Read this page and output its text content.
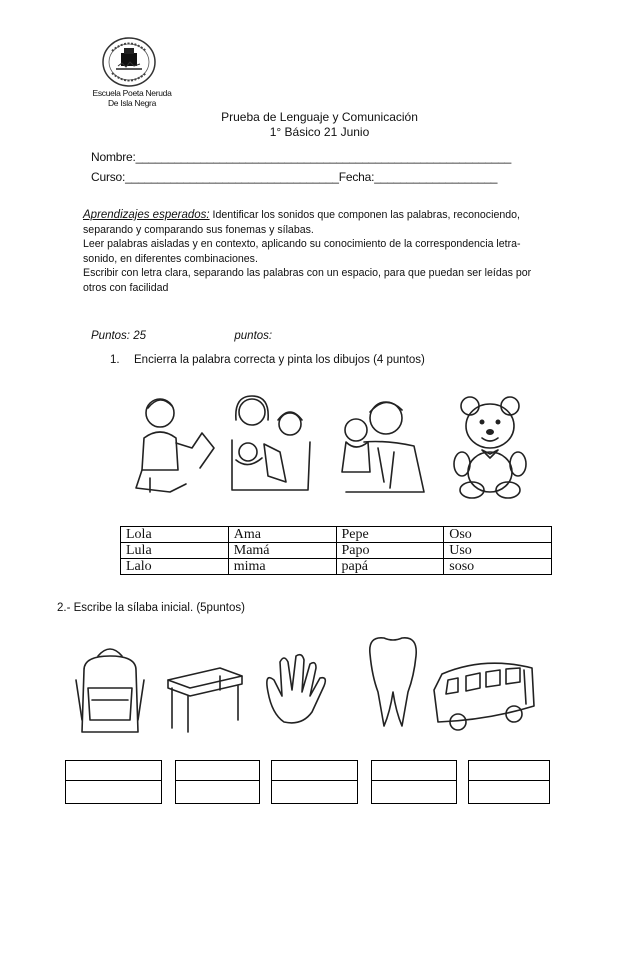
Escuela Poeta Neruda
De Isla Negra
Prueba de Lenguaje y Comunicación
1° Básico 21 Junio
Nombre:__________________________________________________________
Curso:_________________________________Fecha:___________________
Aprendizajes esperados: Identificar los sonidos que componen las palabras, reconociendo, separando y comparando sus fonemas y sílabas.
Leer palabras aisladas y en contexto, aplicando su conocimiento de la correspondencia letra-sonido, en diferentes combinaciones.
Escribir con letra clara, separando las palabras con un espacio, para que puedan ser leídas por otros con facilidad
Puntos: 25	puntos:
1. Encierra la palabra correcta y pinta los dibujos (4 puntos)
Lola	Ama	Pepe	Oso
Lula	Mamá	Papo	Uso
Lalo	mima	papá	soso
2.- Escribe la sílaba inicial. (5puntos)
